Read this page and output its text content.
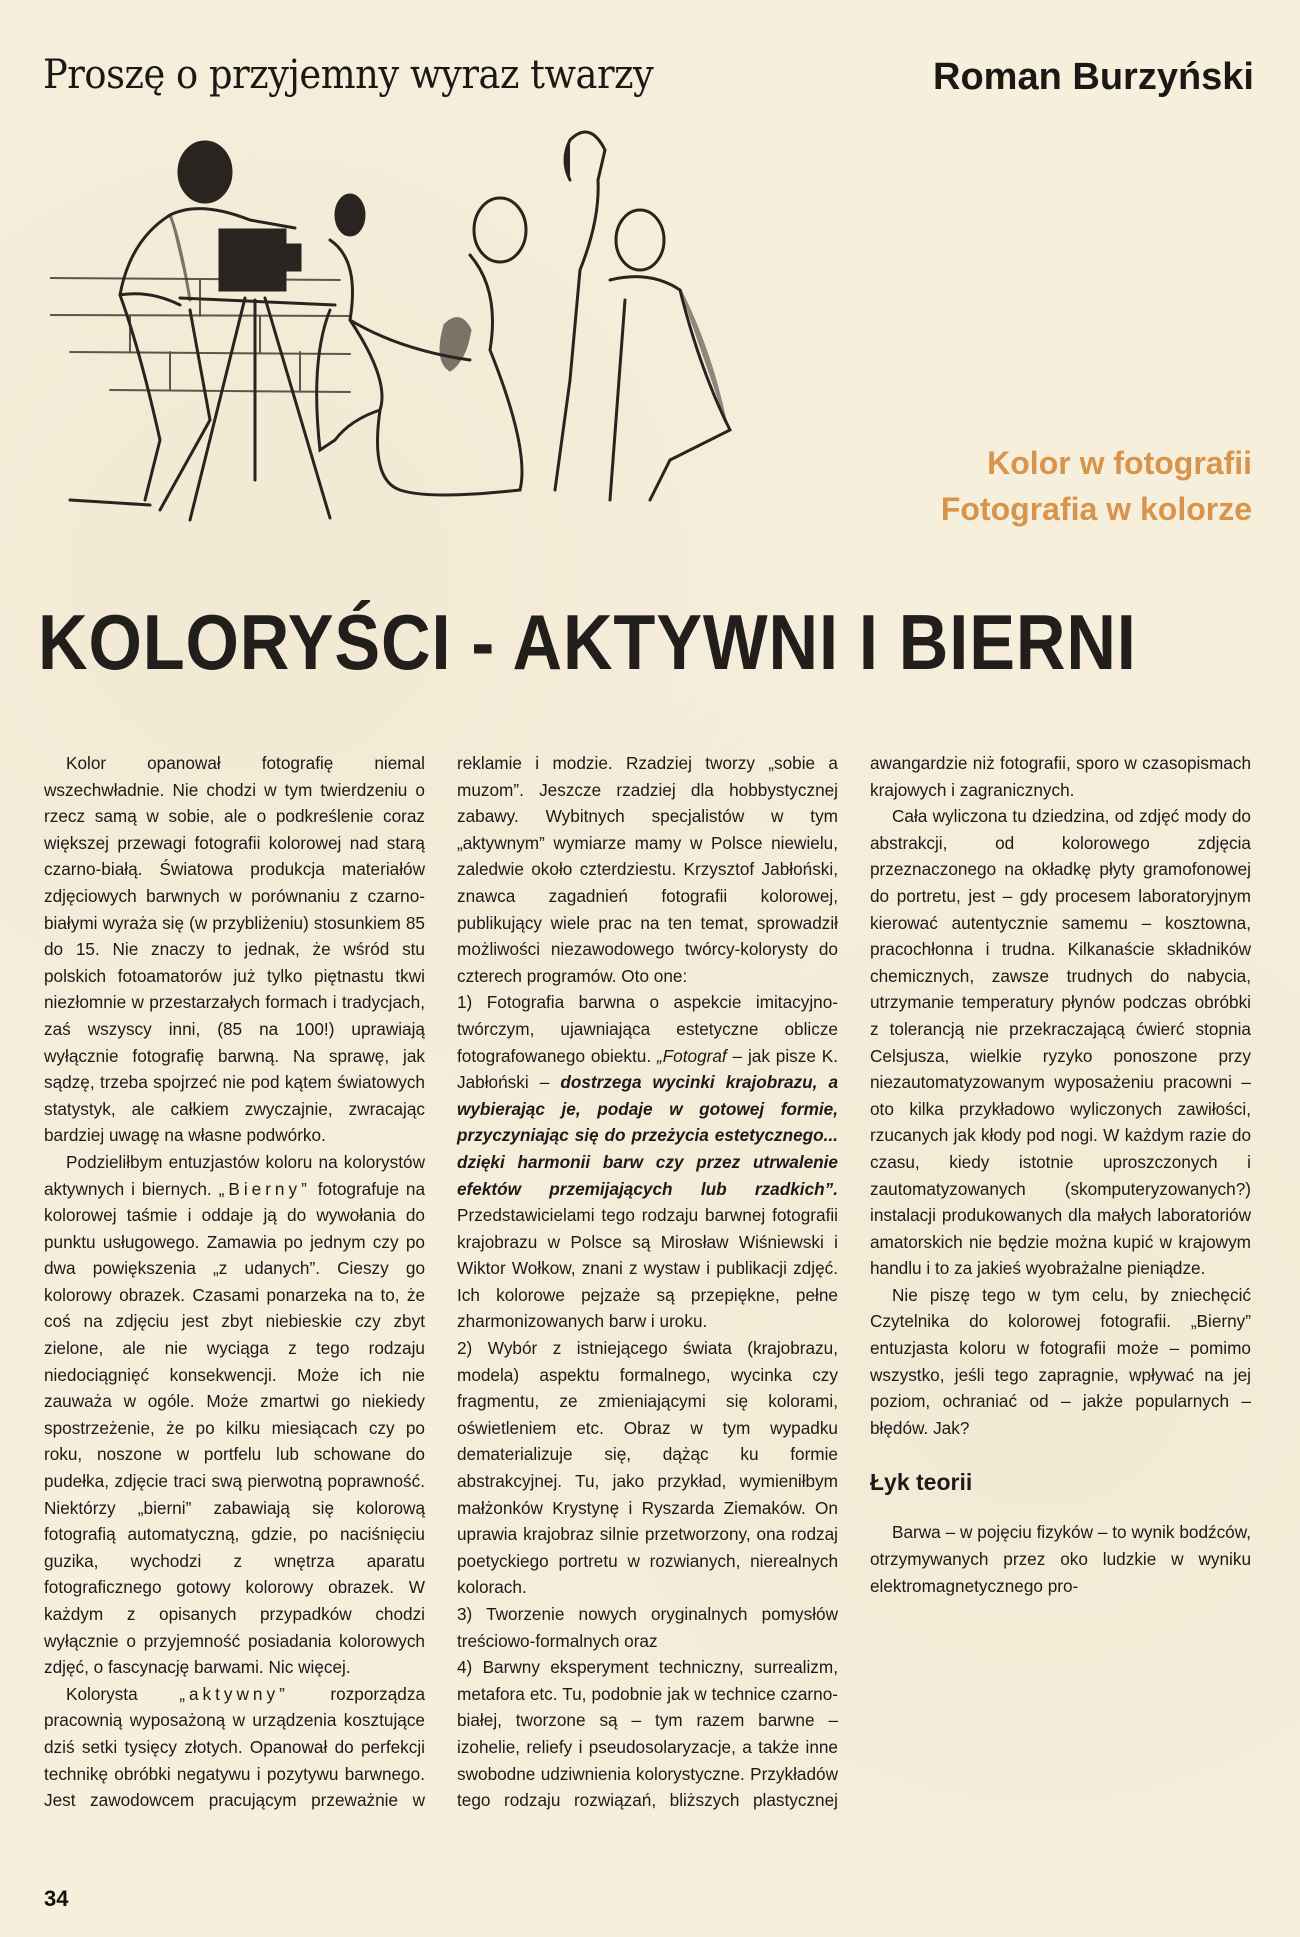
Proszę o przyjemny wyraz twarzy	Roman Burzyński
Kolor w fotografii
Fotografia w kolorze
KOLORYŚCI - AKTYWNI I BIERNI

Kolor opanował fotografię niemal wszechwładnie. Nie chodzi w tym twierdzeniu o rzecz samą w sobie, ale o podkreślenie coraz większej przewagi fotografii kolorowej nad starą czarno-białą. Światowa produkcja materiałów zdjęciowych barwnych w porównaniu z czarno-białymi wyraża się (w przybliżeniu) stosunkiem 85 do 15. Nie znaczy to jednak, że wśród stu polskich fotoamatorów już tylko piętnastu tkwi niezłomnie w przestarzałych formach i tradycjach, zaś wszyscy inni, (85 na 100!) uprawiają wyłącznie fotografię barwną. Na sprawę, jak sądzę, trzeba spojrzeć nie pod kątem światowych statystyk, ale całkiem zwyczajnie, zwracając bardziej uwagę na własne podwórko.

Podzieliłbym entuzjastów koloru na kolorystów aktywnych i biernych. „Bierny” fotografuje na kolorowej taśmie i oddaje ją do wywołania do punktu usługowego. Zamawia po jednym czy po dwa powiększenia „z udanych”. Cieszy go kolorowy obrazek. Czasami ponarzeka na to, że coś na zdjęciu jest zbyt niebieskie czy zbyt zielone, ale nie wyciąga z tego rodzaju niedociągnięć konsekwencji. Może ich nie zauważa w ogóle. Może zmartwi go niekiedy spostrzeżenie, że po kilku miesiącach czy po roku, noszone w portfelu lub schowane do pudełka, zdjęcie traci swą pierwotną poprawność. Niektórzy „bierni” zabawiają się kolorową fotografią automatyczną, gdzie, po naciśnięciu guzika, wychodzi z wnętrza aparatu fotograficznego gotowy kolorowy obrazek. W każdym z opisanych przypadków chodzi wyłącznie o przyjemność posiadania kolorowych zdjęć, o fascynację barwami. Nic więcej.

Kolorysta „aktywny” rozporządza pracownią wyposażoną w urządzenia kosztujące dziś setki tysięcy złotych. Opanował do perfekcji technikę obróbki negatywu i pozytywu barwnego. Jest zawodowcem pracującym przeważnie w reklamie i modzie. Rzadziej tworzy „sobie a muzom”. Jeszcze rzadziej dla hobbystycznej zabawy. Wybitnych specjalistów w tym „aktywnym” wymiarze mamy w Polsce niewielu, zaledwie około czterdziestu. Krzysztof Jabłoński, znawca zagadnień fotografii kolorowej, publikujący wiele prac na ten temat, sprowadził możliwości niezawodowego twórcy-kolorysty do czterech programów. Oto one:

1) Fotografia barwna o aspekcie imitacyjno-twórczym, ujawniająca estetyczne oblicze fotografowanego obiektu. „Fotograf – jak pisze K. Jabłoński – dostrzega wycinki krajobrazu, a wybierając je, podaje w gotowej formie, przyczyniając się do przeżycia estetycznego... dzięki harmonii barw czy przez utrwalenie efektów przemijających lub rzadkich”. Przedstawicielami tego rodzaju barwnej fotografii krajobrazu w Polsce są Mirosław Wiśniewski i Wiktor Wołkow, znani z wystaw i publikacji zdjęć. Ich kolorowe pejzaże są przepiękne, pełne zharmonizowanych barw i uroku.

2) Wybór z istniejącego świata (krajobrazu, modela) aspektu formalnego, wycinka czy fragmentu, ze zmieniającymi się kolorami, oświetleniem etc. Obraz w tym wypadku dematerializuje się, dążąc ku formie abstrakcyjnej. Tu, jako przykład, wymieniłbym małżonków Krystynę i Ryszarda Ziemaków. On uprawia krajobraz silnie przetworzony, ona rodzaj poetyckiego portretu w rozwianych, nierealnych kolorach.

3) Tworzenie nowych oryginalnych pomysłów treściowo-formalnych oraz

4) Barwny eksperyment techniczny, surrealizm, metafora etc. Tu, podobnie jak w technice czarno-białej, tworzone są – tym razem barwne – izohelie, reliefy i pseudosolaryzacje, a także inne swobodne udziwnienia kolorystyczne. Przykładów tego rodzaju rozwiązań, bliższych plastycznej awangardzie niż fotografii, sporo w czasopismach krajowych i zagranicznych.

Cała wyliczona tu dziedzina, od zdjęć mody do abstrakcji, od kolorowego zdjęcia przeznaczonego na okładkę płyty gramofonowej do portretu, jest – gdy procesem laboratoryjnym kierować autentycznie samemu – kosztowna, pracochłonna i trudna. Kilkanaście składników chemicznych, zawsze trudnych do nabycia, utrzymanie temperatury płynów podczas obróbki z tolerancją nie przekraczającą ćwierć stopnia Celsjusza, wielkie ryzyko ponoszone przy niezautomatyzowanym wyposażeniu pracowni – oto kilka przykładowo wyliczonych zawiłości, rzucanych jak kłody pod nogi. W każdym razie do czasu, kiedy istotnie uproszczonych i zautomatyzowanych (skomputeryzowanych?) instalacji produkowanych dla małych laboratoriów amatorskich nie będzie można kupić w krajowym handlu i to za jakieś wyobrażalne pieniądze.

Nie piszę tego w tym celu, by zniechęcić Czytelnika do kolorowej fotografii. „Bierny” entuzjasta koloru w fotografii może – pomimo wszystko, jeśli tego zapragnie, wpływać na jej poziom, ochraniać od – jakże popularnych – błędów. Jak?

Łyk teorii

Barwa – w pojęciu fizyków – to wynik bodźców, otrzymywanych przez oko ludzkie w wyniku elektromagnetycznego pro-

34
